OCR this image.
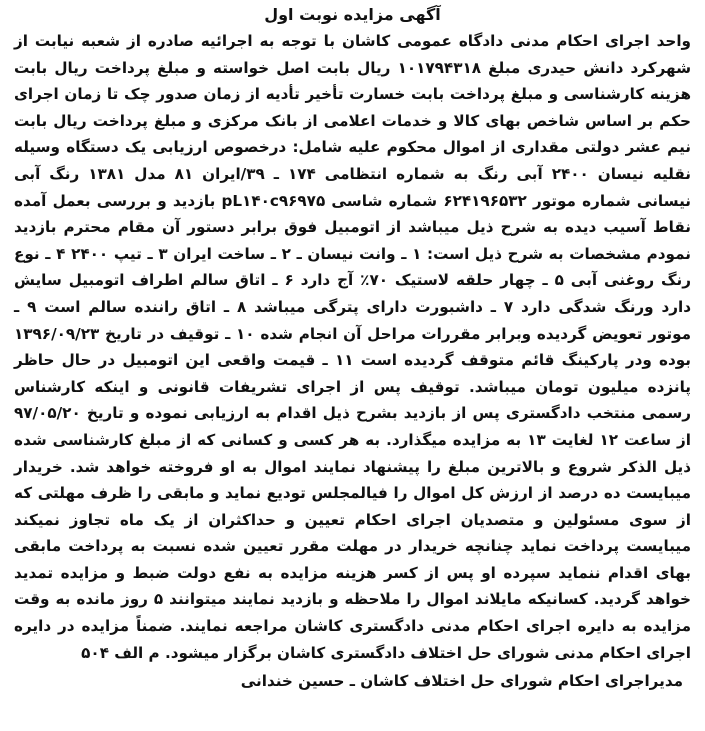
آگهی مزایده نوبت اول

واحد اجرای احکام مدنی دادگاه عمومی کاشان با توجه به اجرائیه صادره از شعبه نیابت از شهرکرد دانش حیدری مبلغ ۱۰۱۷۹۴۳۱۸ ریال بابت اصل خواسته و مبلغ پرداخت ریال بابت هزینه کارشناسی و مبلغ پرداخت بابت خسارت تأخیر تأدیه از زمان صدور چک تا زمان اجرای حکم بر اساس شاخص بهای کالا و خدمات اعلامی از بانک مرکزی و مبلغ پرداخت ریال بابت نیم عشر دولتی مقداری از اموال محکوم علیه شامل: درخصوص ارزیابی یک دستگاه وسیله نقلیه نیسان ۲۴۰۰ آبی رنگ به شماره انتظامی ۱۷۴ ـ ۳۹/ایران ۸۱ مدل ۱۳۸۱ رنگ آبی نیسانی شماره موتور ۶۲۴۱۹۶۵۳۲ شماره شاسی pL۱۴۰c۹۶۹۷۵ بازدید و بررسی بعمل آمده نقاط آسیب دیده به شرح ذیل میباشد از اتومبیل فوق برابر دستور آن مقام محترم بازدید نمودم مشخصات به شرح ذیل است: ۱ ـ وانت نیسان ـ ۲ ـ ساخت ایران ۳ ـ تیپ ۲۴۰۰ ۴ ـ نوع رنگ روغنی آبی ۵ ـ چهار حلقه لاستیک ۷۰٪ آج دارد ۶ ـ اتاق سالم اطراف اتومبیل سایش دارد ورنگ شدگی دارد ۷ ـ داشبورت دارای پترگی میباشد ۸ ـ اتاق راننده سالم است ۹ ـ موتور تعویض گردیده وبرابر مقررات مراحل آن انجام شده ۱۰ ـ توقیف در تاریخ ۱۳۹۶/۰۹/۲۳ بوده ودر پارکینگ قائم متوقف گردیده است ۱۱ ـ قیمت واقعی این اتومبیل در حال حاظر پانزده میلیون تومان میباشد. توقیف پس از اجرای تشریفات قانونی و اینکه کارشناس رسمی منتخب دادگستری پس از بازدید بشرح ذیل اقدام به ارزیابی نموده و تاریخ ۹۷/۰۵/۲۰ از ساعت ۱۲ لغایت ۱۳ به مزایده میگذارد. به هر کسی و کسانی که از مبلغ کارشناسی شده ذیل الذکر شروع و بالاترین مبلغ را پیشنهاد نمایند اموال به او فروخته خواهد شد. خریدار میبایست ده درصد از ارزش کل اموال را فیالمجلس تودیع نماید و مابقی را ظرف مهلتی که از سوی مسئولین و متصدیان اجرای احکام تعیین و حداکثران از یک ماه تجاوز نمیکند میبایست پرداخت نماید چنانچه خریدار در مهلت مقرر تعیین شده نسبت به پرداخت مابقی بهای اقدام ننماید سپرده او پس از کسر هزینه مزایده به نفع دولت ضبط و مزایده تمدید خواهد گردید. کسانیکه مایلاند اموال را ملاحظه و بازدید نمایند میتوانند ۵ روز مانده به وقت مزایده به دایره اجرای احکام مدنی دادگستری کاشان مراجعه نمایند. ضمناً مزایده در دایره اجرای احکام مدنی شورای حل اختلاف دادگستری کاشان برگزار میشود. م الف ۵۰۴

مدیراجرای احکام شورای حل اختلاف کاشان ـ حسین خندانی
